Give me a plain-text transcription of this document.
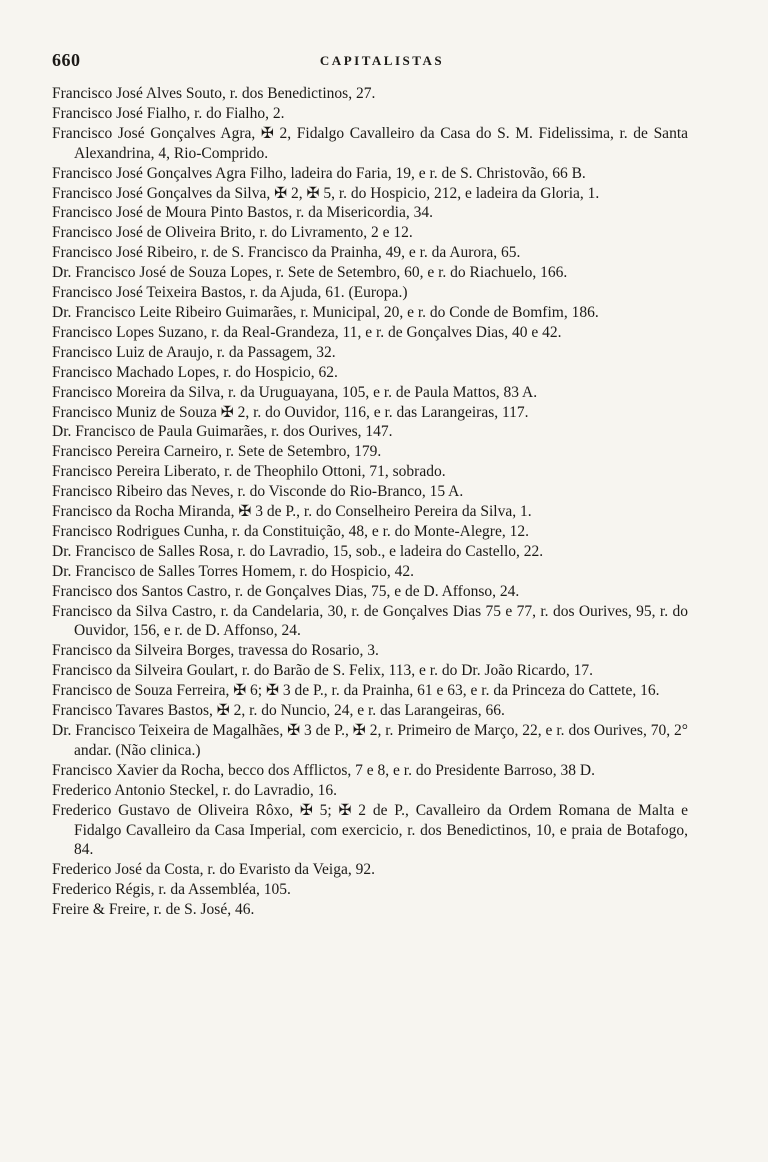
660	CAPITALISTAS
Francisco José Alves Souto, r. dos Benedictinos, 27.
Francisco José Fialho, r. do Fialho, 2.
Francisco José Gonçalves Agra, ✠ 2, Fidalgo Cavalleiro da Casa do S. M. Fidelissima, r. de Santa Alexandrina, 4, Rio-Comprido.
Francisco José Gonçalves Agra Filho, ladeira do Faria, 19, e r. de S. Christovão, 66 B.
Francisco José Gonçalves da Silva, ✠ 2, ✠ 5, r. do Hospicio, 212, e ladeira da Gloria, 1.
Francisco José de Moura Pinto Bastos, r. da Misericordia, 34.
Francisco José de Oliveira Brito, r. do Livramento, 2 e 12.
Francisco José Ribeiro, r. de S. Francisco da Prainha, 49, e r. da Aurora, 65.
Dr. Francisco José de Souza Lopes, r. Sete de Setembro, 60, e r. do Riachuelo, 166.
Francisco José Teixeira Bastos, r. da Ajuda, 61. (Europa.)
Dr. Francisco Leite Ribeiro Guimarães, r. Municipal, 20, e r. do Conde de Bomfim, 186.
Francisco Lopes Suzano, r. da Real-Grandeza, 11, e r. de Gonçalves Dias, 40 e 42.
Francisco Luiz de Araujo, r. da Passagem, 32.
Francisco Machado Lopes, r. do Hospicio, 62.
Francisco Moreira da Silva, r. da Uruguayana, 105, e r. de Paula Mattos, 83 A.
Francisco Muniz de Souza ✠ 2, r. do Ouvidor, 116, e r. das Larangeiras, 117.
Dr. Francisco de Paula Guimarães, r. dos Ourives, 147.
Francisco Pereira Carneiro, r. Sete de Setembro, 179.
Francisco Pereira Liberato, r. de Theophilo Ottoni, 71, sobrado.
Francisco Ribeiro das Neves, r. do Visconde do Rio-Branco, 15 A.
Francisco da Rocha Miranda, ✠ 3 de P., r. do Conselheiro Pereira da Silva, 1.
Francisco Rodrigues Cunha, r. da Constituição, 48, e r. do Monte-Alegre, 12.
Dr. Francisco de Salles Rosa, r. do Lavradio, 15, sob., e ladeira do Castello, 22.
Dr. Francisco de Salles Torres Homem, r. do Hospicio, 42.
Francisco dos Santos Castro, r. de Gonçalves Dias, 75, e de D. Affonso, 24.
Francisco da Silva Castro, r. da Candelaria, 30, r. de Gonçalves Dias 75 e 77, r. dos Ourives, 95, r. do Ouvidor, 156, e r. de D. Affonso, 24.
Francisco da Silveira Borges, travessa do Rosario, 3.
Francisco da Silveira Goulart, r. do Barão de S. Felix, 113, e r. do Dr. João Ricardo, 17.
Francisco de Souza Ferreira, ✠ 6; ✠ 3 de P., r. da Prainha, 61 e 63, e r. da Princeza do Cattete, 16.
Francisco Tavares Bastos, ✠ 2, r. do Nuncio, 24, e r. das Larangeiras, 66.
Dr. Francisco Teixeira de Magalhães, ✠ 3 de P., ✠ 2, r. Primeiro de Março, 22, e r. dos Ourives, 70, 2° andar. (Não clinica.)
Francisco Xavier da Rocha, becco dos Afflictos, 7 e 8, e r. do Presidente Barroso, 38 D.
Frederico Antonio Steckel, r. do Lavradio, 16.
Frederico Gustavo de Oliveira Rôxo, ✠ 5; ✠ 2 de P., Cavalleiro da Ordem Romana de Malta e Fidalgo Cavalleiro da Casa Imperial, com exercicio, r. dos Benedictinos, 10, e praia de Botafogo, 84.
Frederico José da Costa, r. do Evaristo da Veiga, 92.
Frederico Régis, r. da Assembléa, 105.
Freire & Freire, r. de S. José, 46.
